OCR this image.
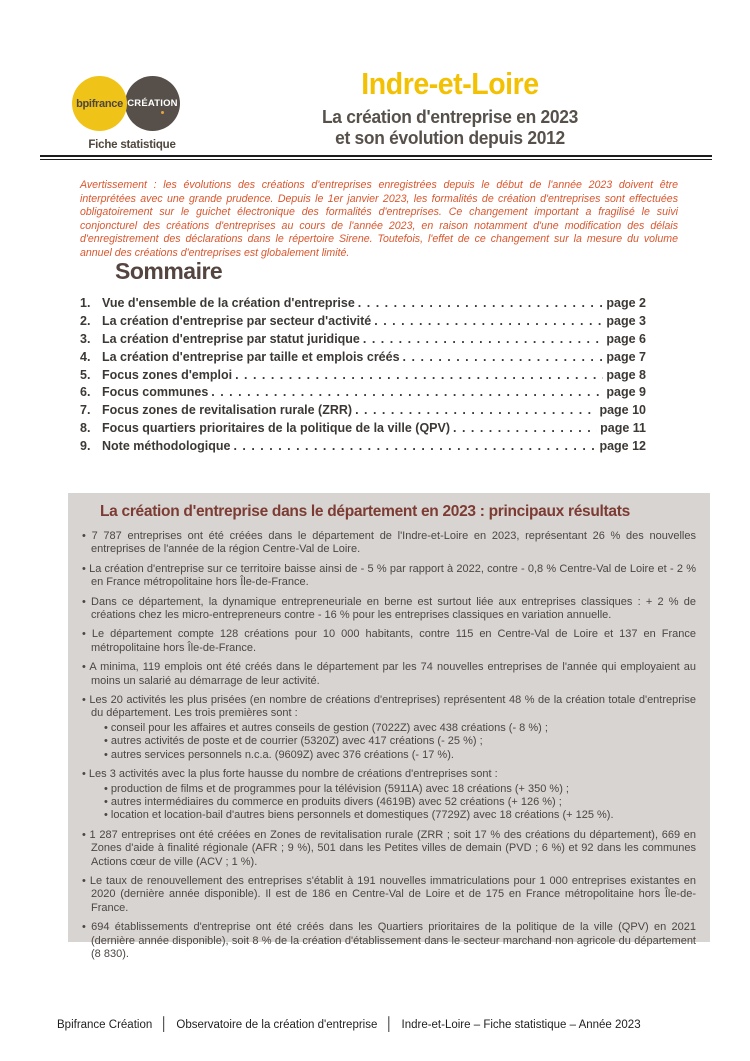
bpifrance CRÉATION
Fiche statistique
Indre-et-Loire
La création d'entreprise en 2023
et son évolution depuis 2012
Avertissement : les évolutions des créations d'entreprises enregistrées depuis le début de l'année 2023 doivent être interprétées avec une grande prudence. Depuis le 1er janvier 2023, les formalités de création d'entreprises sont effectuées obligatoirement sur le guichet électronique des formalités d'entreprises. Ce changement important a fragilisé le suivi conjoncturel des créations d'entreprises au cours de l'année 2023, en raison notamment d'une modification des délais d'enregistrement des déclarations dans le répertoire Sirene. Toutefois, l'effet de ce changement sur la mesure du volume annuel des créations d'entreprises est globalement limité.
Sommaire
1. Vue d'ensemble de la création d'entreprise . . .	page 2
2. La création d'entreprise par secteur d'activité . . .	page 3
3. La création d'entreprise par statut juridique . . .	page 6
4. La création d'entreprise par taille et emplois créés . . .	page 7
5. Focus zones d'emploi . . .	page 8
6. Focus communes . . .	page 9
7. Focus zones de revitalisation rurale (ZRR) . . .	page 10
8. Focus quartiers prioritaires de la politique de la ville (QPV) . . .	page 11
9. Note méthodologique . . .	page 12
La création d'entreprise dans le département en 2023 : principaux résultats
• 7 787 entreprises ont été créées dans le département de l'Indre-et-Loire en 2023, représentant 26 % des nouvelles entreprises de l'année de la région Centre-Val de Loire.
• La création d'entreprise sur ce territoire baisse ainsi de - 5 % par rapport à 2022, contre - 0,8 % Centre-Val de Loire et - 2 % en France métropolitaine hors Île-de-France.
• Dans ce département, la dynamique entrepreneuriale en berne est surtout liée aux entreprises classiques : + 2 % de créations chez les micro-entrepreneurs contre - 16 % pour les entreprises classiques en variation annuelle.
• Le département compte 128 créations pour 10 000 habitants, contre 115 en Centre-Val de Loire et 137 en France métropolitaine hors Île-de-France.
• A minima, 119 emplois ont été créés dans le département par les 74 nouvelles entreprises de l'année qui employaient au moins un salarié au démarrage de leur activité.
• Les 20 activités les plus prisées (en nombre de créations d'entreprises) représentent 48 % de la création totale d'entreprise du département. Les trois premières sont :
• conseil pour les affaires et autres conseils de gestion (7022Z) avec 438 créations (- 8 %) ;
• autres activités de poste et de courrier (5320Z) avec 417 créations (- 25 %) ;
• autres services personnels n.c.a. (9609Z) avec 376 créations (- 17 %).
• Les 3 activités avec la plus forte hausse du nombre de créations d'entreprises sont :
• production de films et de programmes pour la télévision (5911A) avec 18 créations (+ 350 %) ;
• autres intermédiaires du commerce en produits divers (4619B) avec 52 créations (+ 126 %) ;
• location et location-bail d'autres biens personnels et domestiques (7729Z) avec 18 créations (+ 125 %).
• 1 287 entreprises ont été créées en Zones de revitalisation rurale (ZRR ; soit 17 % des créations du département), 669 en Zones d'aide à finalité régionale (AFR ; 9 %), 501 dans les Petites villes de demain (PVD ; 6 %) et 92 dans les communes Actions cœur de ville (ACV ; 1 %).
• Le taux de renouvellement des entreprises s'établit à 191 nouvelles immatriculations pour 1 000 entreprises existantes en 2020 (dernière année disponible). Il est de 186 en Centre-Val de Loire et de 175 en France métropolitaine hors Île-de-France.
• 694 établissements d'entreprise ont été créés dans les Quartiers prioritaires de la politique de la ville (QPV) en 2021 (dernière année disponible), soit 8 % de la création d'établissement dans le secteur marchand non agricole du département (8 830).
Bpifrance Création │ Observatoire de la création d'entreprise │ Indre-et-Loire – Fiche statistique – Année 2023
